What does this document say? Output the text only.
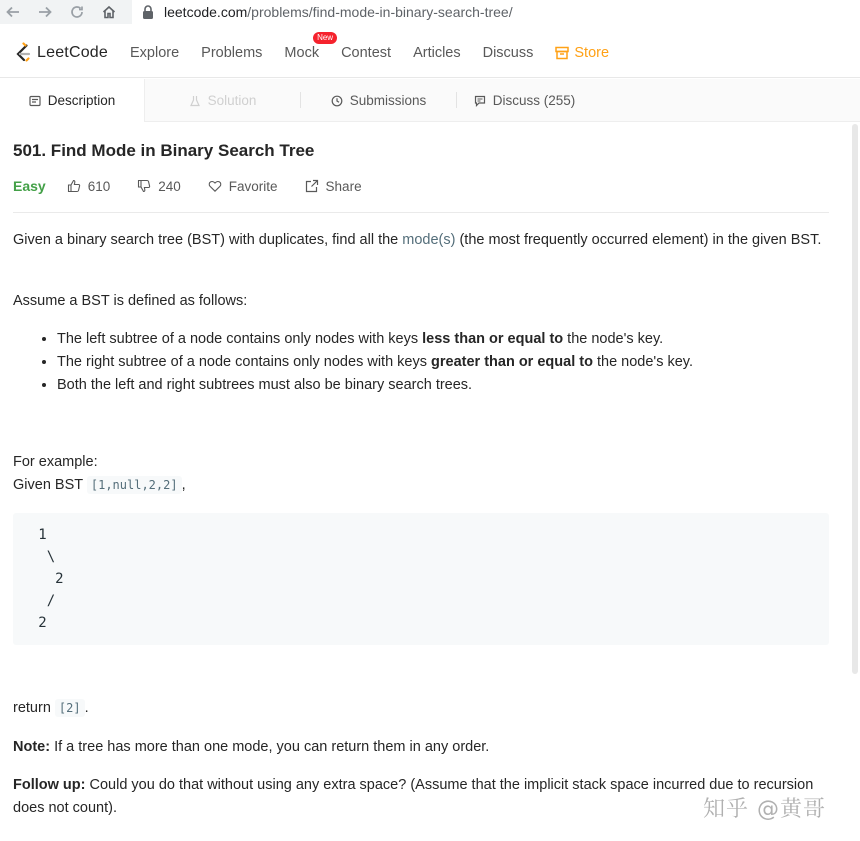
leetcode.com /problems/find-mode-in-binary-search-tree/
LeetCode Explore Problems Mock
New
Contest Articles Discuss	Store
Description	Solution	Submissions	Discuss (255)
501. Find Mode in Binary Search Tree
Easy	610	240	Favorite	Share
Given a binary search tree (BST) with duplicates, find all the mode(s) (the most frequently occurred element) in the given BST.
Assume a BST is defined as follows:
• The left subtree of a node contains only nodes with keys less than or equal to the node's key.
• The right subtree of a node contains only nodes with keys greater than or equal to the node's key.
• Both the left and right subtrees must also be binary search trees.
For example:
Given BST [1,null,2,2] ,
1
\
2
/
2
return [2] .
Note: If a tree has more than one mode, you can return them in any order.
Follow up: Could you do that without using any extra space? (Assume that the implicit stack space incurred due to recursion does not count).	知乎 @黄哥
